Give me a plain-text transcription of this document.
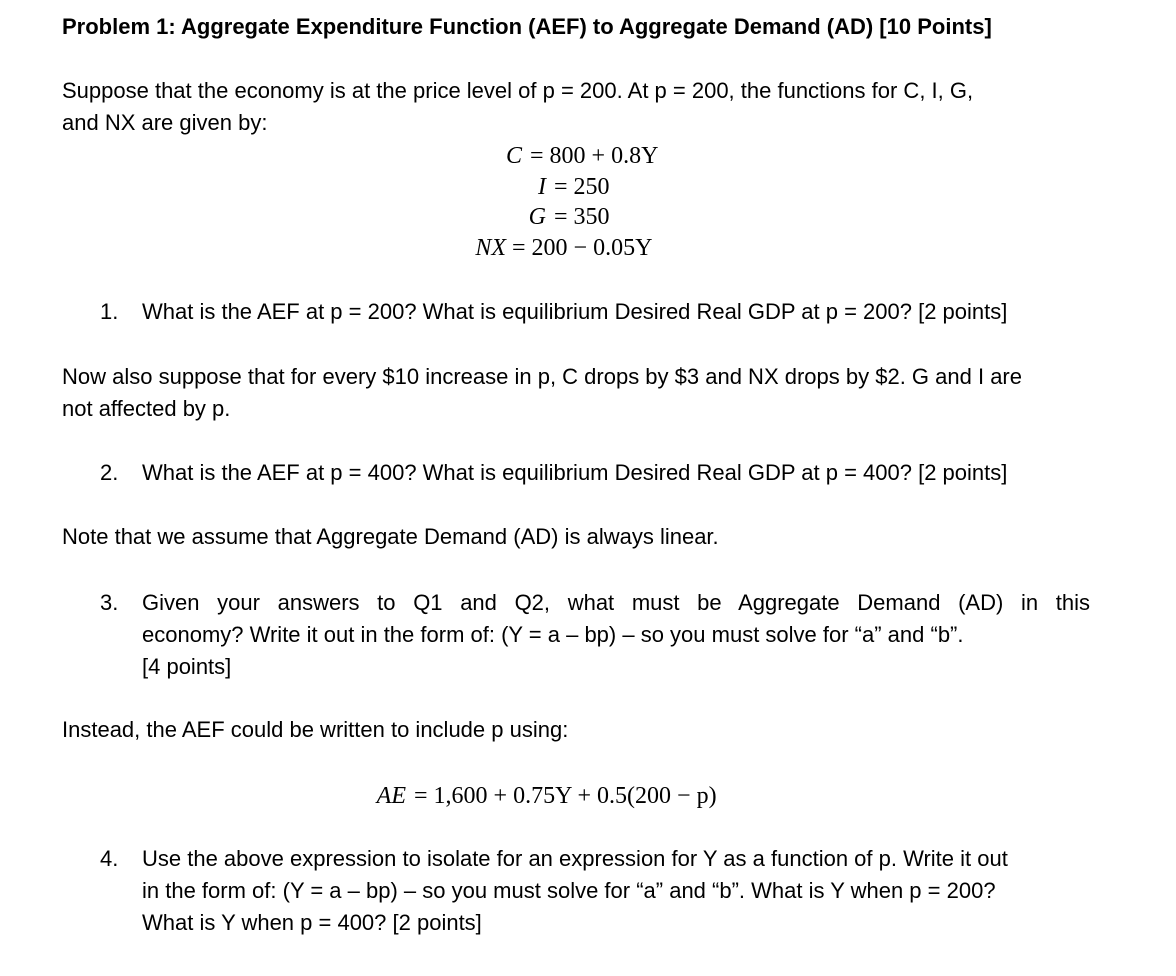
Problem 1: Aggregate Expenditure Function (AEF) to Aggregate Demand (AD) [10 Points]
Suppose that the economy is at the price level of p = 200. At p = 200, the functions for C, I, G,
and NX are given by:
C = 800 + 0.8Y
I = 250
G = 350
NX = 200 − 0.05Y
1.	What is the AEF at p = 200? What is equilibrium Desired Real GDP at p = 200? [2 points]
Now also suppose that for every $10 increase in p, C drops by $3 and NX drops by $2. G and I are
not affected by p.
2.	What is the AEF at p = 400? What is equilibrium Desired Real GDP at p = 400? [2 points]
Note that we assume that Aggregate Demand (AD) is always linear.
3.	Given your answers to Q1 and Q2, what must be Aggregate Demand (AD) in this
economy? Write it out in the form of: (Y = a – bp) – so you must solve for “a” and “b”.
[4 points]
Instead, the AEF could be written to include p using:
AE = 1,600 + 0.75Y + 0.5(200 − p)
4.	Use the above expression to isolate for an expression for Y as a function of p. Write it out
in the form of: (Y = a – bp) – so you must solve for “a” and “b”. What is Y when p = 200?
What is Y when p = 400? [2 points]
